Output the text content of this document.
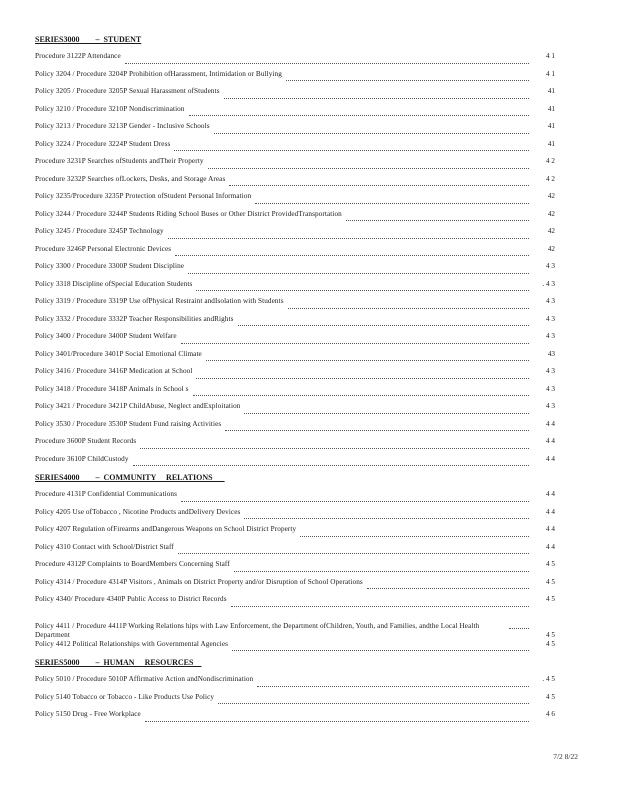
SERIES3000        –  STUDENT
Procedure 3122P Attendance	4 1
Policy 3204 / Procedure 3204P Prohibition ofHarassment, Intimidation or Bullying	4 1
Policy 3205 / Procedure 3205P Sexual Harassment ofStudents	41
Policy 3210 / Procedure 3210P Nondiscrimination	41
Policy 3213 / Procedure 3213P Gender - Inclusive Schools	41
Policy 3224 / Procedure 3224P Student Dress	41
Procedure 3231P Searches ofStudents andTheir Property	4 2
Procedure 3232P Searches ofLockers, Desks, and Storage Areas	4 2
Policy 3235/Procedure 3235P Protection ofStudent Personal Information	42
Policy 3244 / Procedure 3244P Students Riding School Buses or Other District ProvidedTransportation	42
Policy 3245 / Procedure 3245P Technology	42
Procedure 3246P Personal Electronic Devices	42
Policy 3300 / Procedure 3300P Student Discipline	4 3
Policy 3318 Discipline ofSpecial Education Students	. 4 3
Policy 3319 / Procedure 3319P Use ofPhysical Restraint andIsolation with Students	4 3
Policy 3332 / Procedure 3332P Teacher Responsibilities andRights	4 3
Policy 3400 / Procedure 3400P Student Welfare	4 3
Policy 3401/Procedure 3401P Social Emotional Climate	43
Policy 3416 / Procedure 3416P Medication at School	4 3
Policy 3418 / Procedure 3418P Animals in School s	4 3
Policy 3421 / Procedure 3421P ChildAbuse, Neglect andExploitation	4 3
Policy 3530 / Procedure 3530P Student Fund raising Activities	4 4
Procedure 3600P Student Records	4 4
Procedure 3610P ChildCustody	4 4
SERIES4000        –  COMMUNITY     RELATIONS
Procedure 4131P Confidential Communications	4 4
Policy 4205 Use ofTobacco , Nicotine Products andDelivery Devices	4 4
Policy 4207 Regulation ofFirearms andDangerous Weapons on School District Property	4 4
Policy 4310 Contact with School/District Staff	4 4
Procedure 4312P Complaints to BoardMembers Concerning Staff	4 5
Policy 4314 / Procedure 4314P Visitors , Animals on District Property and/or Disruption of School Operations	4 5
Policy 4340/ Procedure 4340P Public Access to District Records	4 5
Policy 4411 / Procedure 4411P Working Relations hips with Law Enforcement, the Department ofChildren, Youth, and Families, andthe Local Health Department	4 5
Policy 4412 Political Relationships with Governmental Agencies	4 5
SERIES5000        –  HUMAN     RESOURCES
Policy 5010 / Procedure 5010P Affirmative Action andNondiscrimination	. 4 5
Policy 5140 Tobacco or Tobacco - Like Products Use Policy	4 5
Policy 5150 Drug - Free Workplace	4 6
7/2 8/22
